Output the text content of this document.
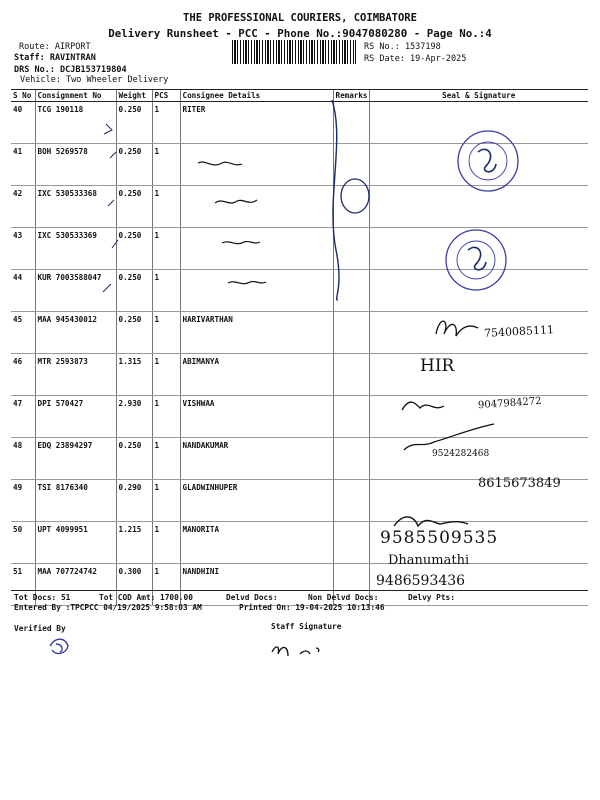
THE PROFESSIONAL COURIERS, COIMBATORE
Delivery Runsheet - PCC - Phone No.:9047080280 - Page No.:4
Route: AIRPORT
Staff: RAVINTRAN
DRS No.: DCJB153719804
Vehicle: Two Wheeler Delivery
RS No.: 1537198
RS Date: 19-Apr-2025
S No	Consignment No	Weight	PCS	Consignee Details	Remarks	Seal & Signature
40	TCG 190118	0.250	1	RITER		
41	BOH 5269578	0.250	1			
42	IXC 530533368	0.250	1			
43	IXC 530533369	0.250	1			
44	KUR 7003588047	0.250	1			
45	MAA 945430012	0.250	1	HARIVARTHAN		
46	MTR 2593873	1.315	1	ABIMANYA		
47	DPI 570427	2.930	1	VISHWAA		
48	EDQ 23894297	0.250	1	NANDAKUMAR		
49	TSI 8176340	0.290	1	GLADWINHUPER		
50	UPT 4099951	1.215	1	MANORITA		
51	MAA 707724742	0.300	1	NANDHINI		
7540085111
HIR
9047984272
9524282468
8615673849
9585509535
Dhanumathi
9486593436
Tot Docs: 51	Tot COD Amt: 1700.00	Delvd Docs:	Non Delvd Docs:	Delvy Pts:
Entered By :TPCPCC 04/19/2025 9:58:03 AM	Printed On: 19-04-2025 10:13:46
Verified By	Staff Signature
